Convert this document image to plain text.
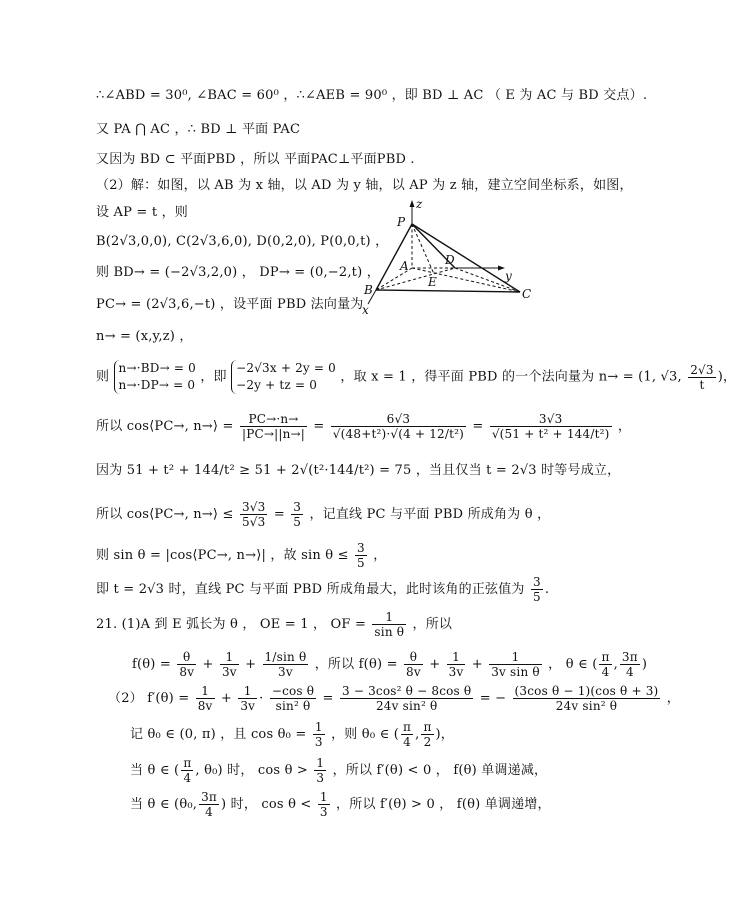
∴∠ABD = 30⁰, ∠BAC = 60⁰ ，∴∠AEB = 90⁰ ，即 BD ⊥ AC （ E 为 AC 与 BD 交点）.
又 PA ⋂ AC ，∴ BD ⊥ 平面 PAC
又因为 BD ⊂ 平面PBD ，所以 平面PAC⊥平面PBD .
（2）解：如图，以 AB 为 x 轴，以 AD 为 y 轴，以 AP 为 z 轴，建立空间坐标系，如图，
设 AP = t ，则
B(2√3,0,0), C(2√3,6,0), D(0,2,0), P(0,0,t) ，
则 BD→ = (−2√3,2,0) ， DP→ = (0,−2,t) ，
PC→ = (2√3,6,−t) ，设平面 PBD 法向量为
n→ = (x,y,z) ，
P
z
A	D
E	y
B	C
x
则
n→·BD→ = 0
n→·DP→ = 0
，即
−2√3x + 2y = 0
−2y + tz = 0
，取 x = 1 ，得平面 PBD 的一个法向量为 n→ = (1, √3, $\frac{2√3}{t}$ )，
所以 cos⟨PC→, n→⟩ = $\frac{PC\to\cdot n\to}{|PC\to||n\to|} = \frac{6√3}{\text{√(48+t²)·√(4 + 12/t²)}} = \frac{3√3}{\text{√(51 + t² + 144/t²)}}$ ，
因为 51 + t² + 144/t² ≥ 51 + 2√(t²·144/t²) = 75 ，当且仅当 t = 2√3 时等号成立，
所以 cos⟨PC→, n→⟩ ≤ $\frac{3√3}{5√3} = \frac{3}{5}$ ，记直线 PC 与平面 PBD 所成角为 θ ，
则 sin θ = |cos⟨PC→, n→⟩| ，故 $\sin \theta \le \frac{3}{5}$ ，
即 t = 2√3 时，直线 PC 与平面 PBD 所成角最大，此时该角的正弦值为 $\frac{3}{5}$ .
21. (1)A 到 E 弧长为 θ ， OE = 1 ， OF = $\frac{1}{\text{sin θ}}$ ，所以
$f(\theta) = \frac{\theta}{8v} + \frac{1}{3v} + \frac{\text{1/sin θ}}{3v}$ ，所以 $f(\theta) = \frac{\theta}{8v} + \frac{1}{3v} + \frac{1}{\text{3v sin θ}}$ ， θ ∈ ( $\frac{\pi}{4}$ , $\frac{3\pi}{4}$ )
（2） $f'(\theta) = \frac{1}{8v} + \frac{1}{3v} \cdot \frac{\text{−cos θ}}{\text{sin² θ}} = \frac{\text{3 − 3cos² θ − 8cos θ}}{\text{24v sin² θ}}$ = − $\frac{\text{(3cos θ − 1)(cos θ + 3)}}{\text{24v sin² θ}}$ ，
记 θ₀ ∈ (0, π) ，且 $\cos \theta_0 = \frac{1}{3}$ ，则 θ₀ ∈ ( $\frac{\pi}{4}$ , $\frac{\pi}{2}$ )，
当 θ ∈ ( $\frac{\pi}{4}$ , θ₀) 时， $\cos \theta > \frac{1}{3}$ ，所以 f′(θ) < 0 ， f(θ) 单调递减，
当 θ ∈ (θ₀, $\frac{3\pi}{4}$ ) 时， $\cos \theta < \frac{1}{3}$ ，所以 f′(θ) > 0 ， f(θ) 单调递增，
